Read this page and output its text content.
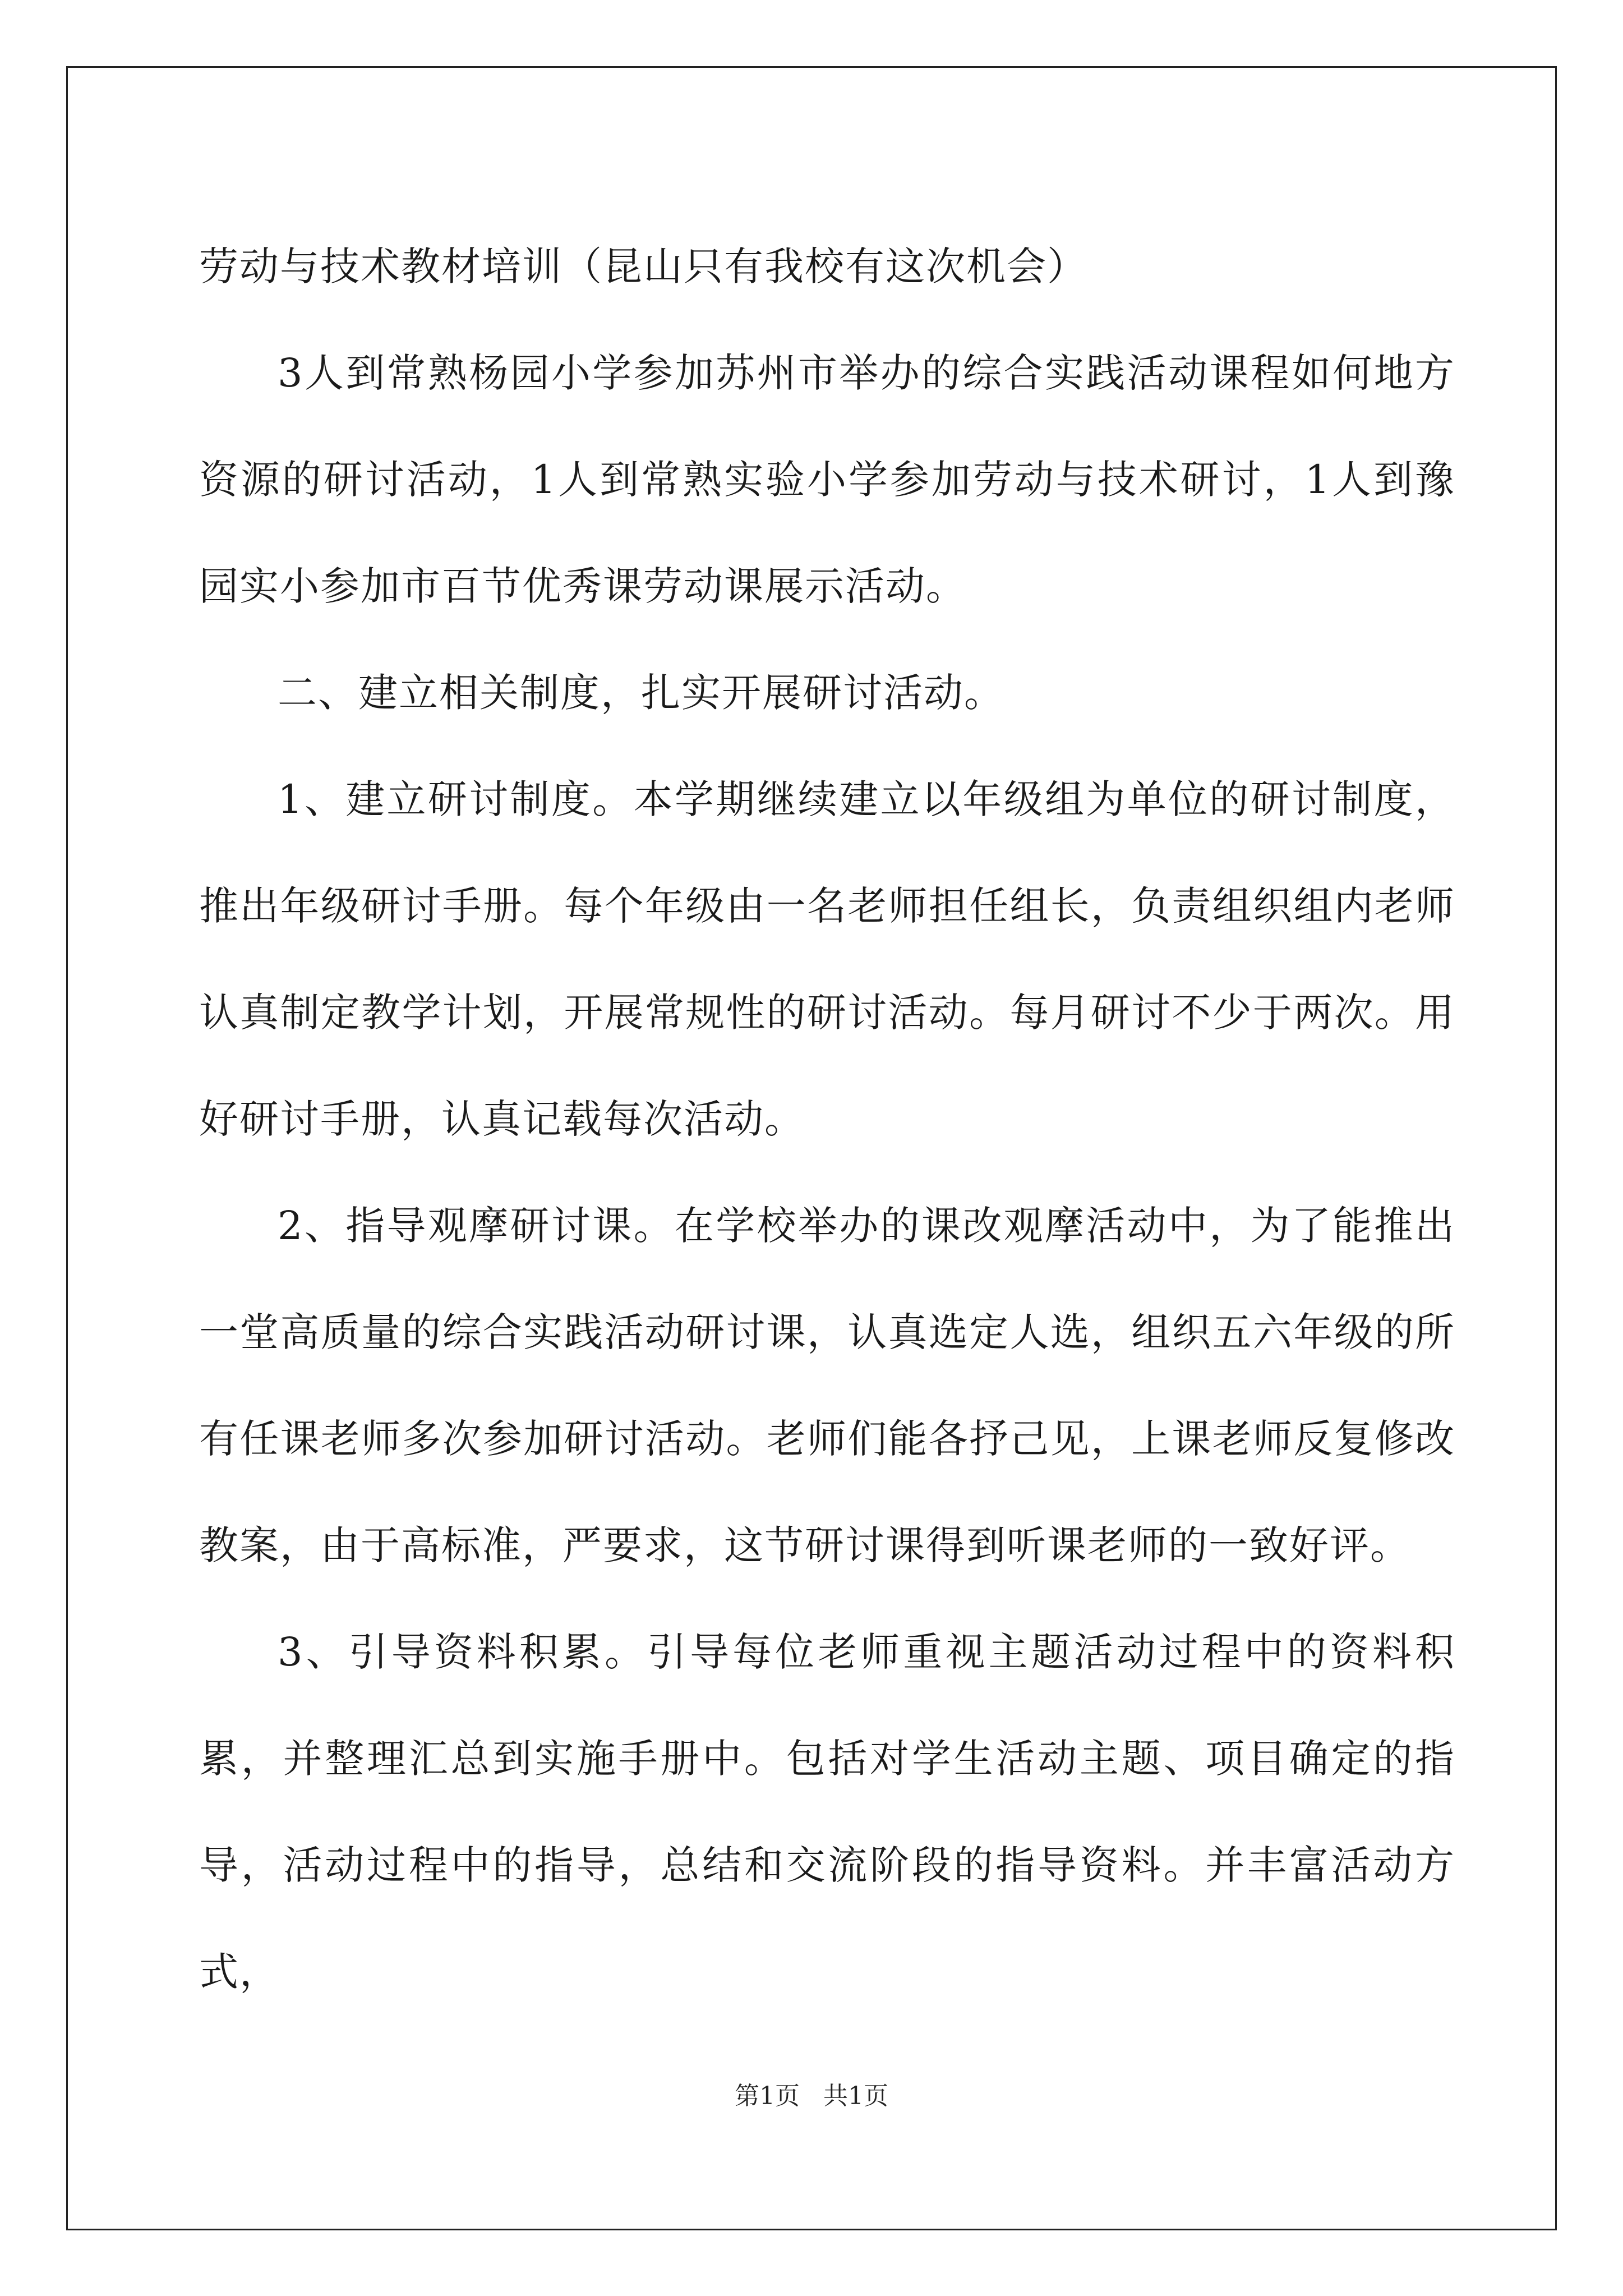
劳动与技术教材培训（昆山只有我校有这次机会）

3人到常熟杨园小学参加苏州市举办的综合实践活动课程如何地方资源的研讨活动，1人到常熟实验小学参加劳动与技术研讨，1人到豫园实小参加市百节优秀课劳动课展示活动。

二、建立相关制度，扎实开展研讨活动。

1、建立研讨制度。本学期继续建立以年级组为单位的研讨制度，推出年级研讨手册。每个年级由一名老师担任组长，负责组织组内老师认真制定教学计划，开展常规性的研讨活动。每月研讨不少于两次。用好研讨手册，认真记载每次活动。

2、指导观摩研讨课。在学校举办的课改观摩活动中，为了能推出一堂高质量的综合实践活动研讨课，认真选定人选，组织五六年级的所有任课老师多次参加研讨活动。老师们能各抒己见，上课老师反复修改教案，由于高标准，严要求，这节研讨课得到听课老师的一致好评。

3、引导资料积累。引导每位老师重视主题活动过程中的资料积累，并整理汇总到实施手册中。包括对学生活动主题、项目确定的指导，活动过程中的指导，总结和交流阶段的指导资料。并丰富活动方式，

第1页 共1页
